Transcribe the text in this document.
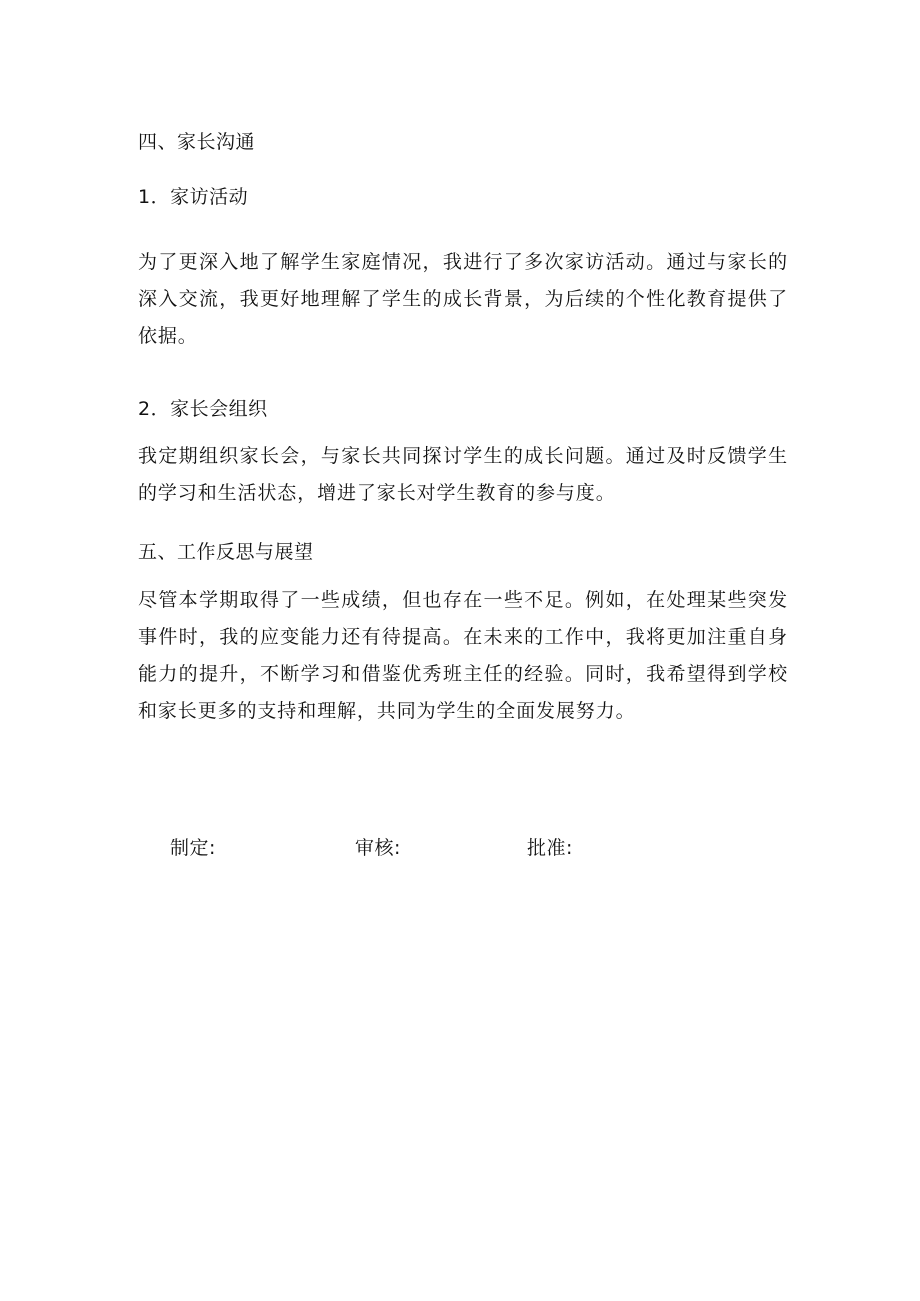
四、家长沟通
1．家访活动

为了更深入地了解学生家庭情况，我进行了多次家访活动。通过与家长的深入交流，我更好地理解了学生的成长背景，为后续的个性化教育提供了依据。

2．家长会组织

我定期组织家长会，与家长共同探讨学生的成长问题。通过及时反馈学生的学习和生活状态，增进了家长对学生教育的参与度。

五、工作反思与展望

尽管本学期取得了一些成绩，但也存在一些不足。例如，在处理某些突发事件时，我的应变能力还有待提高。在未来的工作中，我将更加注重自身能力的提升，不断学习和借鉴优秀班主任的经验。同时，我希望得到学校和家长更多的支持和理解，共同为学生的全面发展努力。

制定:	审核:	批准:
